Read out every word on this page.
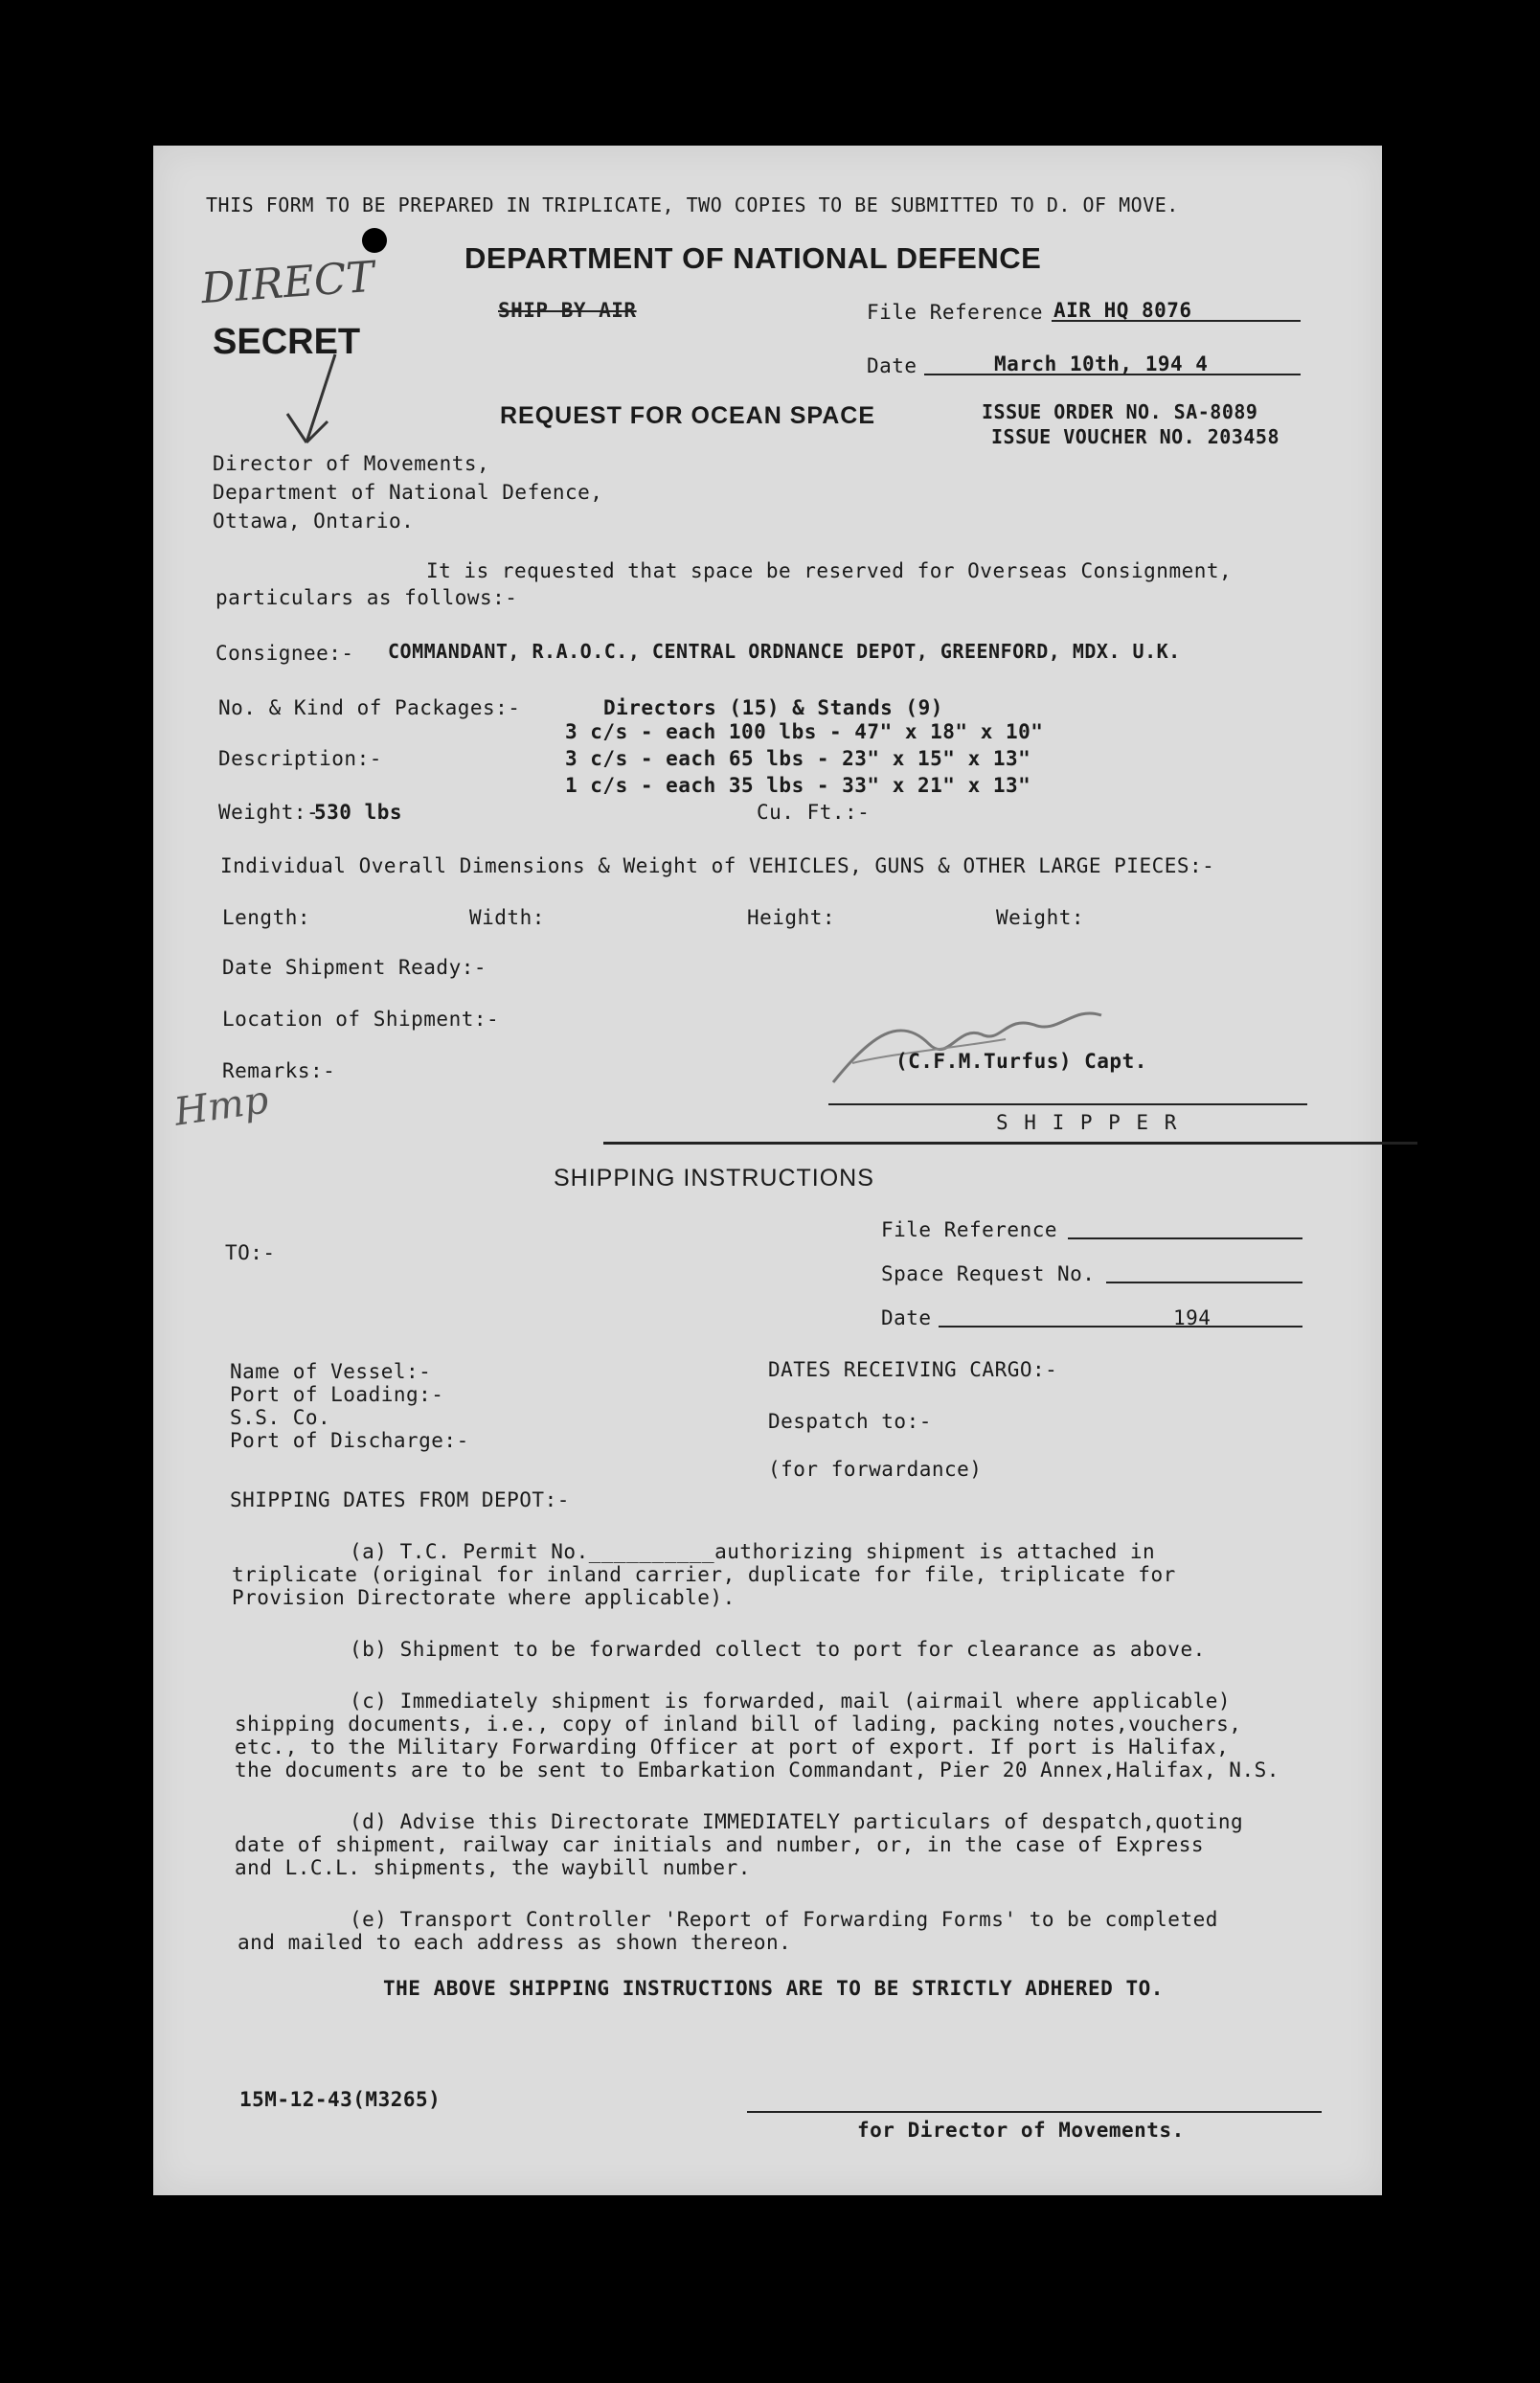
THIS FORM TO BE PREPARED IN TRIPLICATE, TWO COPIES TO BE SUBMITTED TO D. OF MOVE.
DEPARTMENT OF NATIONAL DEFENCE
DIRECT
SECRET
SHIP BY AIR	File Reference AIR HQ 8076
Date	March 10th, 194 4
REQUEST FOR OCEAN SPACE	ISSUE ORDER NO. SA-8089
ISSUE VOUCHER NO. 203458
Director of Movements,
Department of National Defence,
Ottawa, Ontario.
It is requested that space be reserved for Overseas Consignment,
particulars as follows:-
Consignee:- COMMANDANT, R.A.O.C., CENTRAL ORDNANCE DEPOT, GREENFORD, MDX. U.K.
No. & Kind of Packages:-	Directors (15) & Stands (9)
3 c/s - each 100 lbs - 47" x 18" x 10"
Description:-	3 c/s - each 65 lbs - 23" x 15" x 13"
1 c/s - each 35 lbs - 33" x 21" x 13"
Weight:-
530 lbs	Cu. Ft.:-
Individual Overall Dimensions & Weight of VEHICLES, GUNS & OTHER LARGE PIECES:-
Length:	Width:	Height:	Weight:
Date Shipment Ready:-
Location of Shipment:-
Remarks:-	(C.F.M.Turfus) Capt.
Hmp	S H I P P E R
SHIPPING INSTRUCTIONS
File Reference
TO:-
Space Request No.
Date	194
Name of Vessel:-
Port of Loading:-
S.S. Co.
Port of Discharge:-
DATES RECEIVING CARGO:-
Despatch to:-
(for forwardance)
SHIPPING DATES FROM DEPOT:-
(a) T.C. Permit No.__________authorizing shipment is attached in
triplicate (original for inland carrier, duplicate for file, triplicate for
Provision Directorate where applicable).
(b) Shipment to be forwarded collect to port for clearance as above.
(c) Immediately shipment is forwarded, mail (airmail where applicable)
shipping documents, i.e., copy of inland bill of lading, packing notes,vouchers,
etc., to the Military Forwarding Officer at port of export. If port is Halifax,
the documents are to be sent to Embarkation Commandant, Pier 20 Annex,Halifax, N.S.
(d) Advise this Directorate IMMEDIATELY particulars of despatch,quoting
date of shipment, railway car initials and number, or, in the case of Express
and L.C.L. shipments, the waybill number.
(e) Transport Controller 'Report of Forwarding Forms' to be completed
and mailed to each address as shown thereon.
THE ABOVE SHIPPING INSTRUCTIONS ARE TO BE STRICTLY ADHERED TO.
15M-12-43(M3265)
for Director of Movements.
